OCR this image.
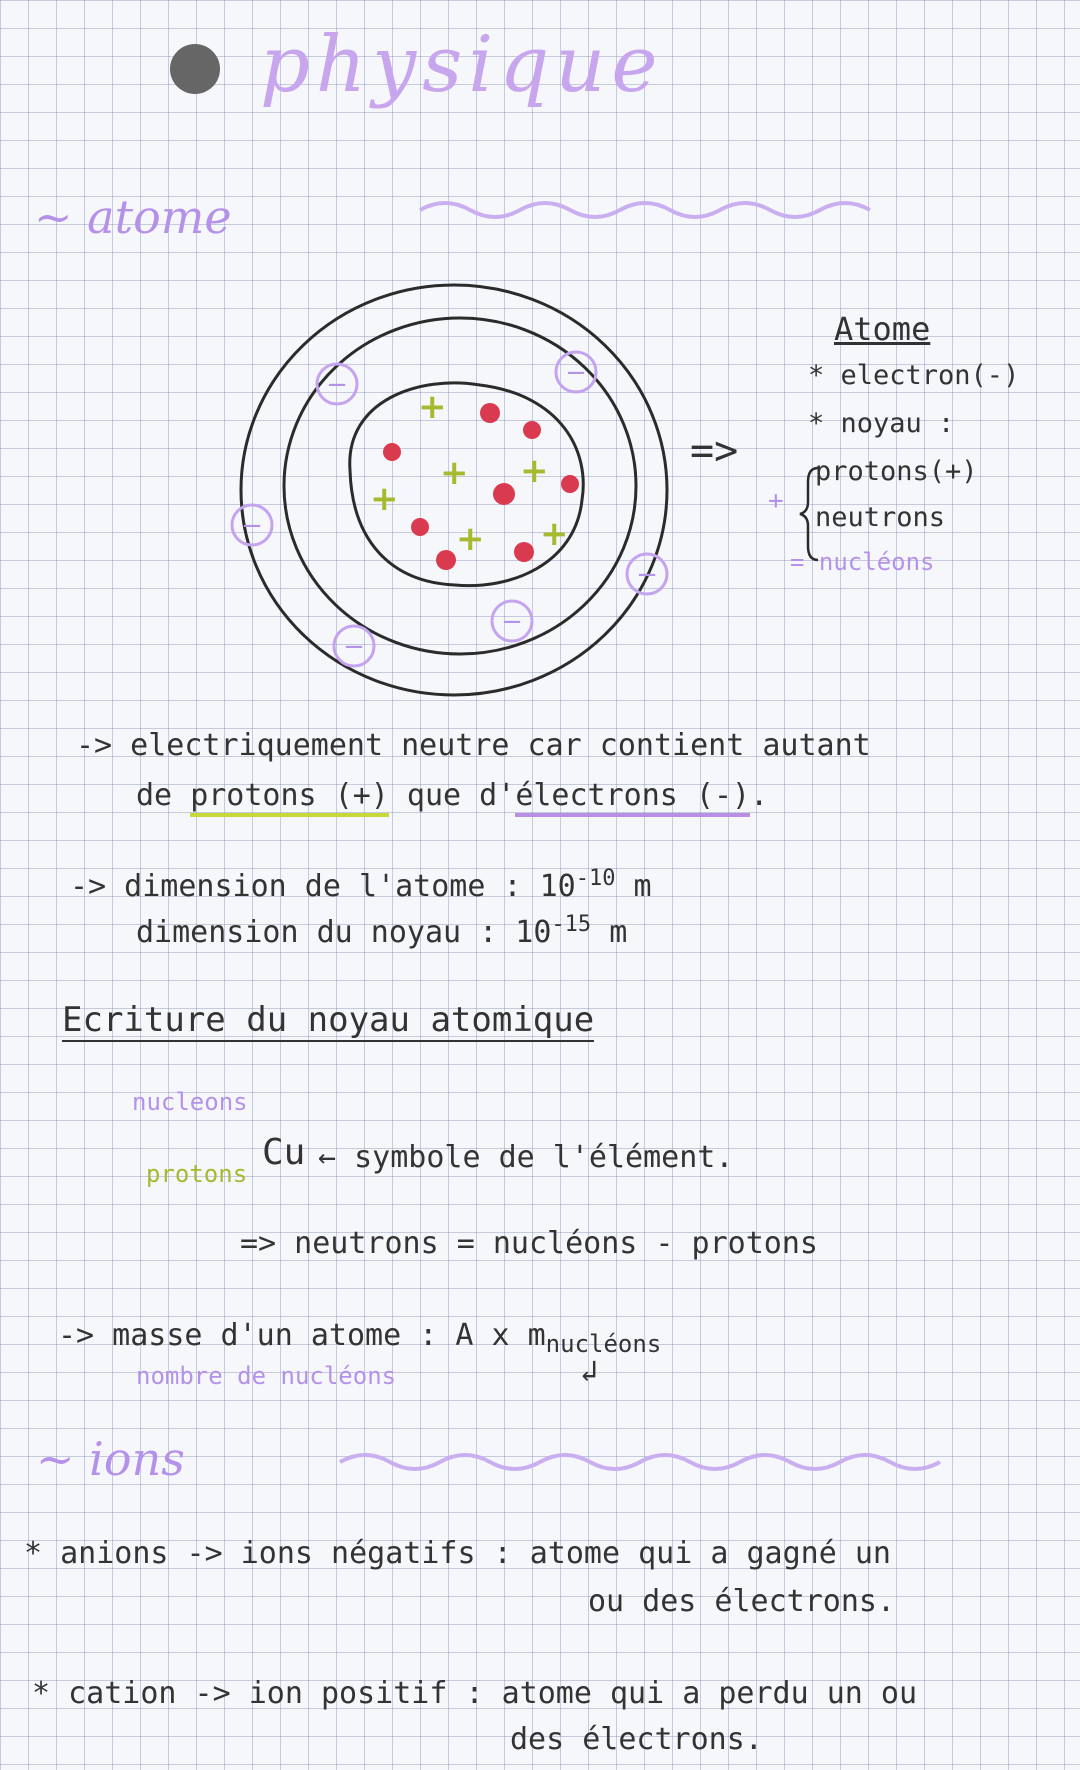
physique
~ atome
+
+ +
+
+ +
−	−
−
−
−
−
=>
Atome
* electron(-)
* noyau :
protons(+)
neutrons
+
= nucléons
-> electriquement neutre car contient autant
de protons (+) que d'électrons (-).
-> dimension de l'atome : $10^{-10}$ m
dimension du noyau : $10^{-15}$ m
Ecriture du noyau atomique
nucleons
protons
Cu ← symbole de l'élément.
=> neutrons = nucléons - protons
-> masse d'un atome : A x $m_{nucléons}$
nombre de nucléons	↲
~ ions
* anions -> ions négatifs : atome qui a gagné un
ou des électrons.
* cation -> ion positif : atome qui a perdu un ou
des électrons.
